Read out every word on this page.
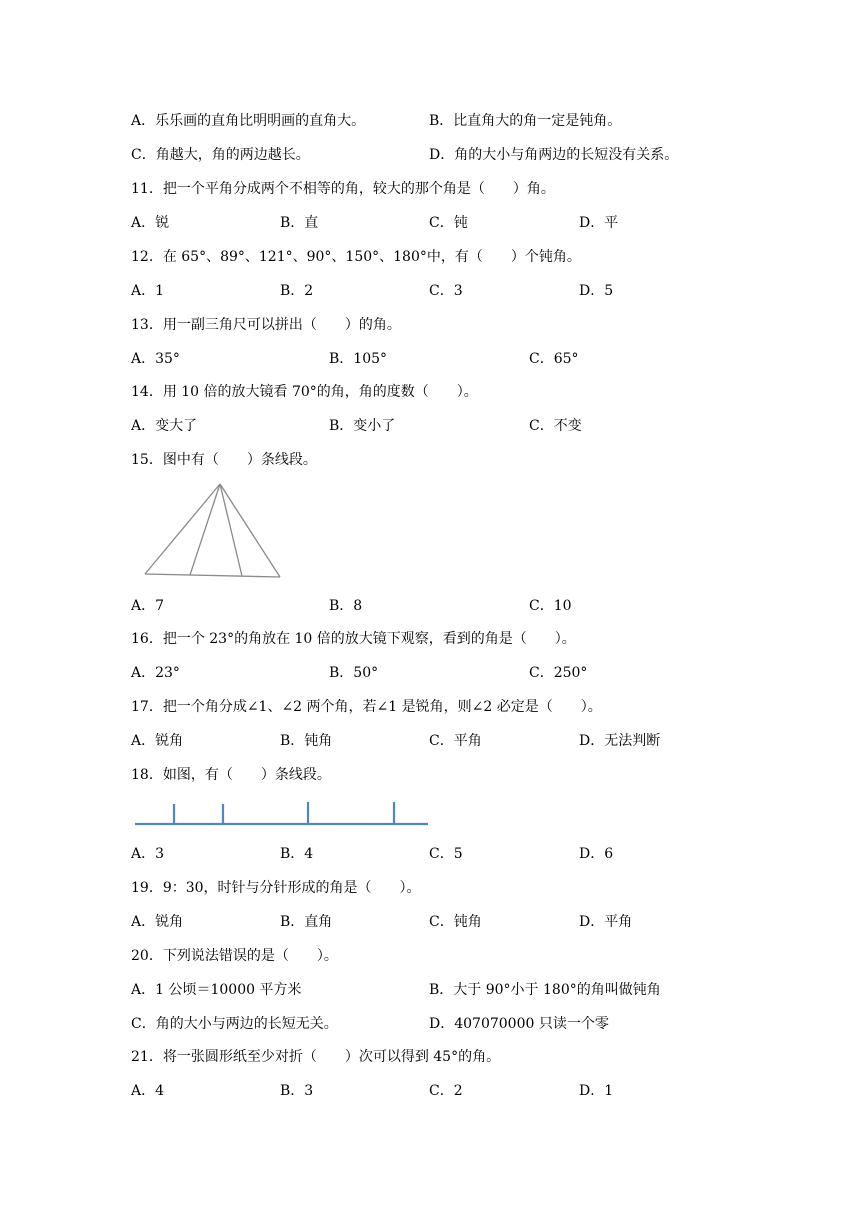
A．乐乐画的直角比明明画的直角大。	B．比直角大的角一定是钝角。
C．角越大，角的两边越长。	D．角的大小与角两边的长短没有关系。
11．把一个平角分成两个不相等的角，较大的那个角是（　　）角。
A．锐	B．直	C．钝	D．平
12．在 65°、89°、121°、90°、150°、180°中，有（　　）个钝角。
A．1	B．2	C．3	D．5
13．用一副三角尺可以拼出（　　）的角。
A．35°	B．105°	C．65°
14．用 10 倍的放大镜看 70°的角，角的度数（　　）。
A．变大了	B．变小了	C．不变
15．图中有（　　）条线段。
A．7	B．8	C．10
16．把一个 23°的角放在 10 倍的放大镜下观察，看到的角是（　　）。
A．23°	B．50°	C．250°
17．把一个角分成∠1、∠2 两个角，若∠1 是锐角，则∠2 必定是（　　）。
A．锐角	B．钝角	C．平角	D．无法判断
18．如图，有（　　）条线段。
A．3	B．4	C．5	D．6
19．9：30，时针与分针形成的角是（　　）。
A．锐角	B．直角	C．钝角	D．平角
20．下列说法错误的是（　　）。
A．1 公顷＝10000 平方米	B．大于 90°小于 180°的角叫做钝角
C．角的大小与两边的长短无关。	D．407070000 只读一个零
21．将一张圆形纸至少对折（　　）次可以得到 45°的角。
A．4	B．3	C．2	D．1
